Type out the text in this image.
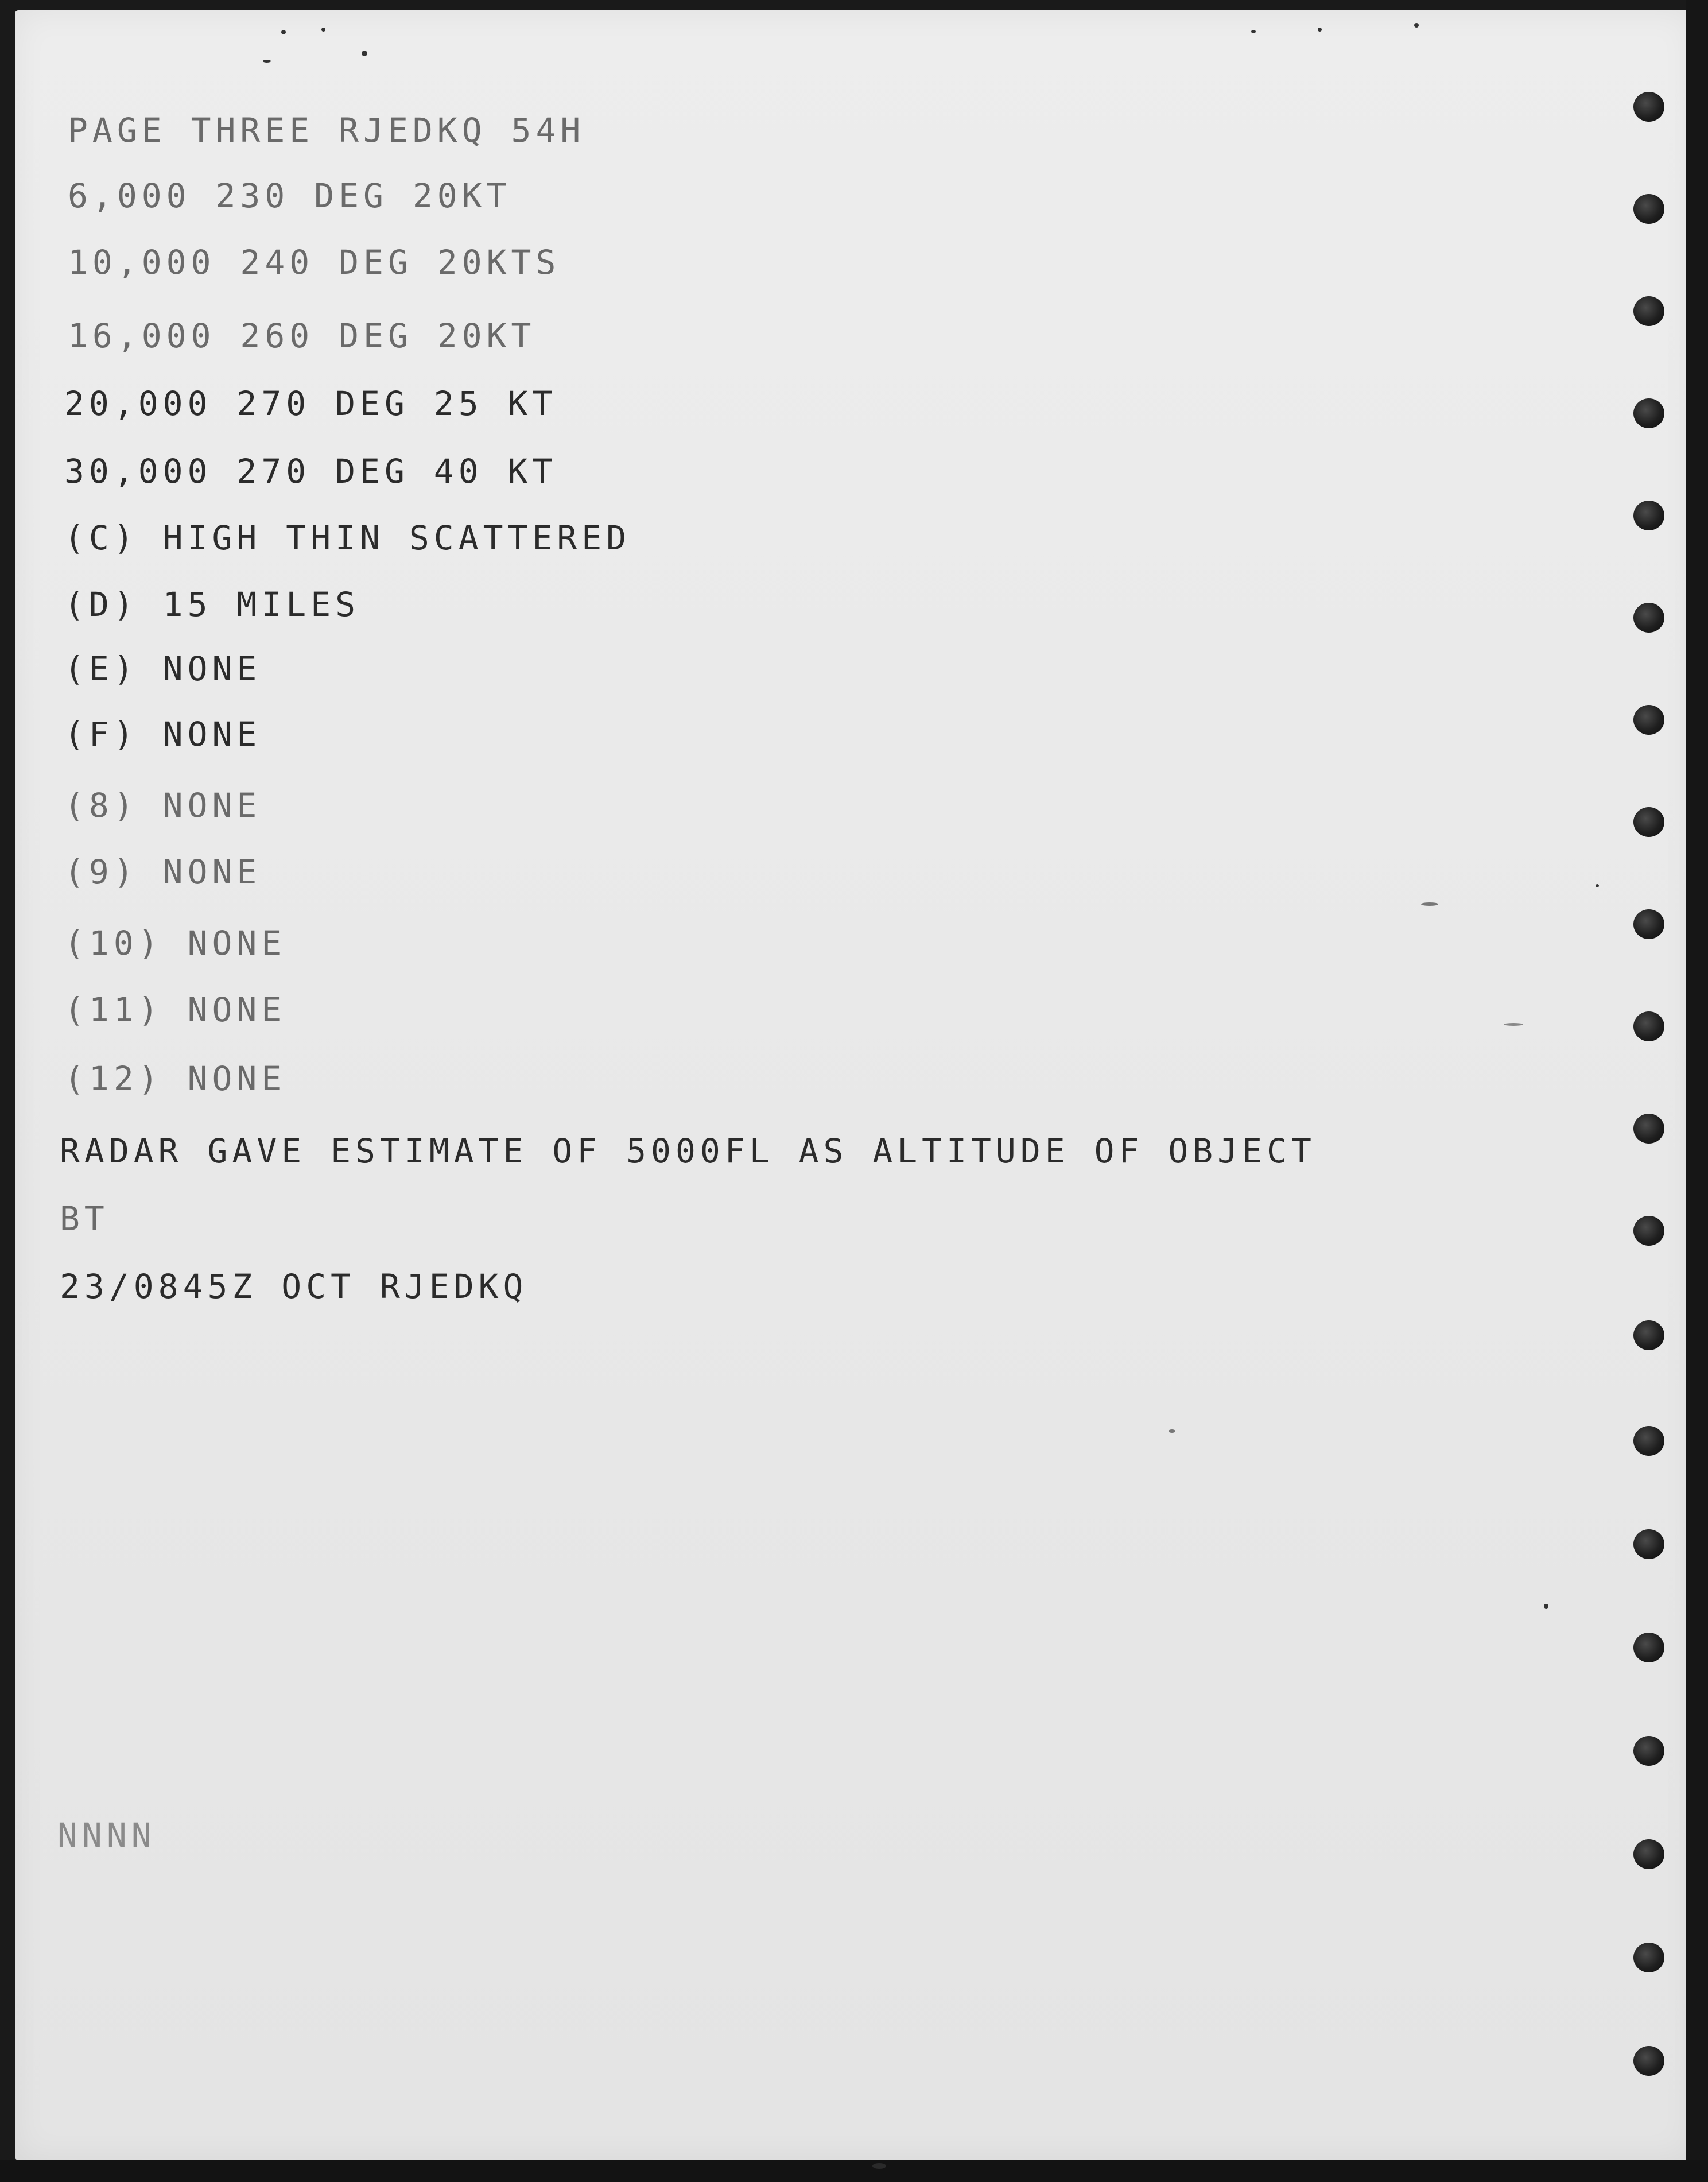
PAGE THREE RJEDKQ 54H

6,000 230 DEG 20KT

10,000 240 DEG 20KTS

16,000 260 DEG 20KT

20,000 270 DEG 25 KT

30,000 270 DEG 40 KT

(C) HIGH THIN SCATTERED

(D) 15 MILES

(E) NONE

(F) NONE

(8) NONE

(9) NONE

(10) NONE

(11) NONE

(12) NONE

RADAR GAVE ESTIMATE OF 5000FL AS ALTITUDE OF OBJECT

BT

23/0845Z OCT RJEDKQ

NNNN
